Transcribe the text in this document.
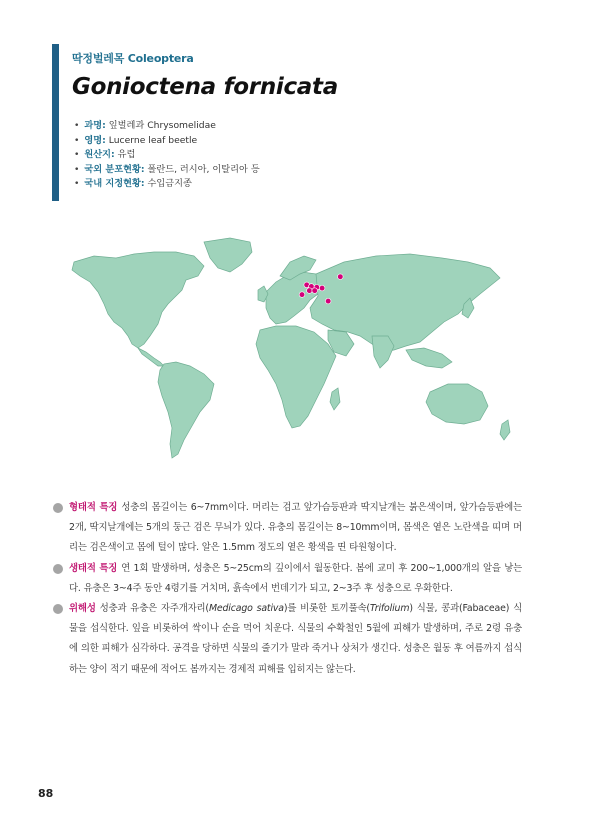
딱정벌레목 Coleoptera
Gonioctena fornicata
• 과명: 잎벌레과 Chrysomelidae
• 영명: Lucerne leaf beetle
• 원산지: 유럽
• 국외 분포현황: 폴란드, 러시아, 이탈리아 등
• 국내 지정현황: 수입금지종

형태적 특징 성충의 몸길이는 6~7mm이다. 머리는 검고 앞가슴등판과 딱지날개는 붉은색이며, 앞가슴등판에는 2개, 딱지날개에는 5개의 둥근 검은 무늬가 있다. 유충의 몸길이는 8~10mm이며, 몸색은 옅은 노란색을 띠며 머리는 검은색이고 몸에 털이 많다. 알은 1.5mm 정도의 옅은 황색을 띤 타원형이다.

생태적 특징 연 1회 발생하며, 성충은 5~25cm의 깊이에서 월동한다. 봄에 교미 후 200~1,000개의 알을 낳는다. 유충은 3~4주 동안 4령기를 거치며, 흙속에서 번데기가 되고, 2~3주 후 성충으로 우화한다.

위해성 성충과 유충은 자주개자리(Medicago sativa)를 비롯한 토끼풀속(Trifolium) 식물, 콩과(Fabaceae) 식물을 섭식한다. 잎을 비롯하여 싹이나 순을 먹어 치운다. 식물의 수확철인 5월에 피해가 발생하며, 주로 2령 유충에 의한 피해가 심각하다. 공격을 당하면 식물의 줄기가 말라 죽거나 상처가 생긴다. 성충은 월동 후 여름까지 섭식하는 양이 적기 때문에 적어도 봄까지는 경제적 피해를 입히지는 않는다.

88
